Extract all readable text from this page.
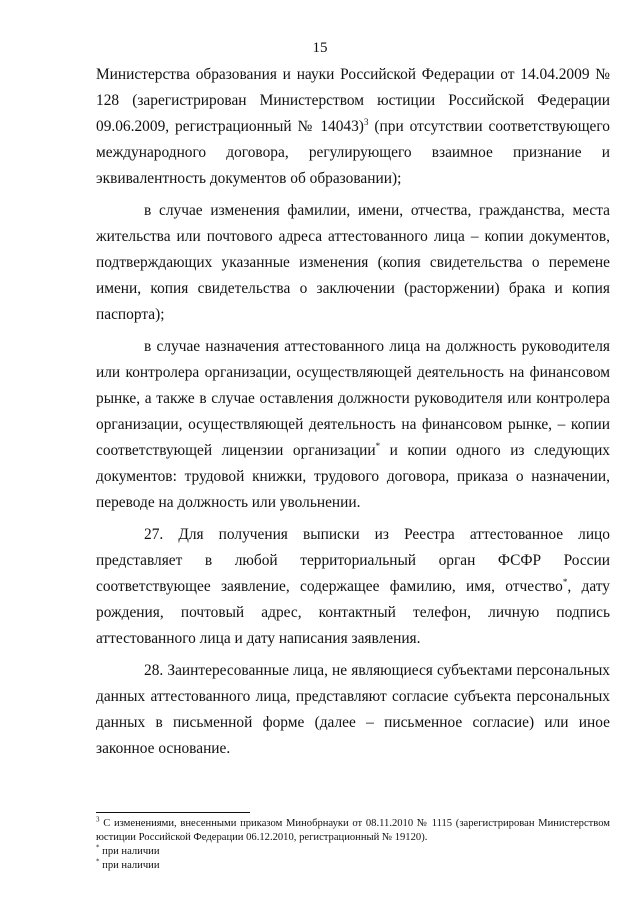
15

Министерства образования и науки Российской Федерации от 14.04.2009 № 128 (зарегистрирован Министерством юстиции Российской Федерации 09.06.2009, регистрационный № 14043)$^3$ (при отсутствии соответствующего международного договора, регулирующего взаимное признание и эквивалентность документов об образовании);

в случае изменения фамилии, имени, отчества, гражданства, места жительства или почтового адреса аттестованного лица – копии документов, подтверждающих указанные изменения (копия свидетельства о перемене имени, копия свидетельства о заключении (расторжении) брака и копия паспорта);

в случае назначения аттестованного лица на должность руководителя или контролера организации, осуществляющей деятельность на финансовом рынке, а также в случае оставления должности руководителя или контролера организации, осуществляющей деятельность на финансовом рынке, – копии соответствующей лицензии организации* и копии одного из следующих документов: трудовой книжки, трудового договора, приказа о назначении, переводе на должность или увольнении.

27. Для получения выписки из Реестра аттестованное лицо представляет в любой территориальный орган ФСФР России соответствующее заявление, содержащее фамилию, имя, отчество*, дату рождения, почтовый адрес, контактный телефон, личную подпись аттестованного лица и дату написания заявления.

28. Заинтересованные лица, не являющиеся субъектами персональных данных аттестованного лица, представляют согласие субъекта персональных данных в письменной форме (далее – письменное согласие) или иное законное основание.

$^3$ С изменениями, внесенными приказом Минобрнауки от 08.11.2010 № 1115 (зарегистрирован Министерством юстиции Российской Федерации 06.12.2010, регистрационный № 19120).

* при наличии

* при наличии
